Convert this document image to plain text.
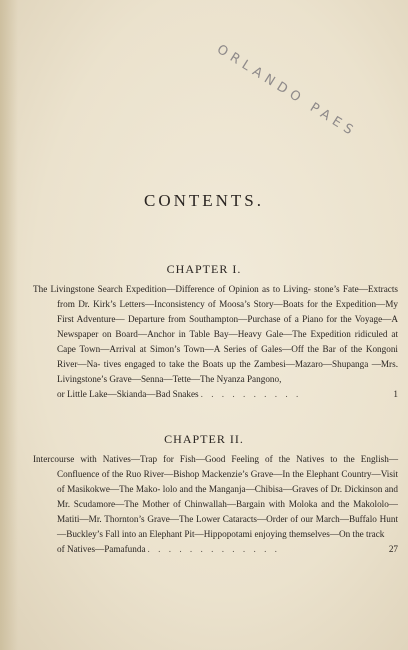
ORLANDO PAES
CONTENTS.
CHAPTER I.

The Livingstone Search Expedition—Difference of Opinion as to Living- stone’s Fate—Extracts from Dr. Kirk’s Letters—Inconsistency of Moosa’s Story—Boats for the Expedition—My First Adventure— Departure from Southampton—Purchase of a Piano for the Voyage—A Newspaper on Board—Anchor in Table Bay—Heavy Gale—The Expedition ridiculed at Cape Town—Arrival at Simon’s Town—A Series of Gales—Off the Bar of the Kongoni River—Na- tives engaged to take the Boats up the Zambesi—Mazaro—Shupanga —Mrs. Livingstone’s Grave—Senna—Tette—The Nyanza Pangono,
or Little Lake—Skianda—Bad Snakes . . . . . . . . . .	1

CHAPTER II.

Intercourse with Natives—Trap for Fish—Good Feeling of the Natives to the English—Confluence of the Ruo River—Bishop Mackenzie’s Grave—In the Elephant Country—Visit of Masikokwe—The Mako- lolo and the Manganja—Chibisa—Graves of Dr. Dickinson and Mr. Scudamore—The Mother of Chinwallah—Bargain with Moloka and the Makololo—Matiti—Mr. Thornton’s Grave—The Lower Cataracts—Order of our March—Buffalo Hunt—Buckley’s Fall into an Elephant Pit—Hippopotami enjoying themselves—On the track
of Natives—Pamafunda . . . . . . . . . . . . .	27
